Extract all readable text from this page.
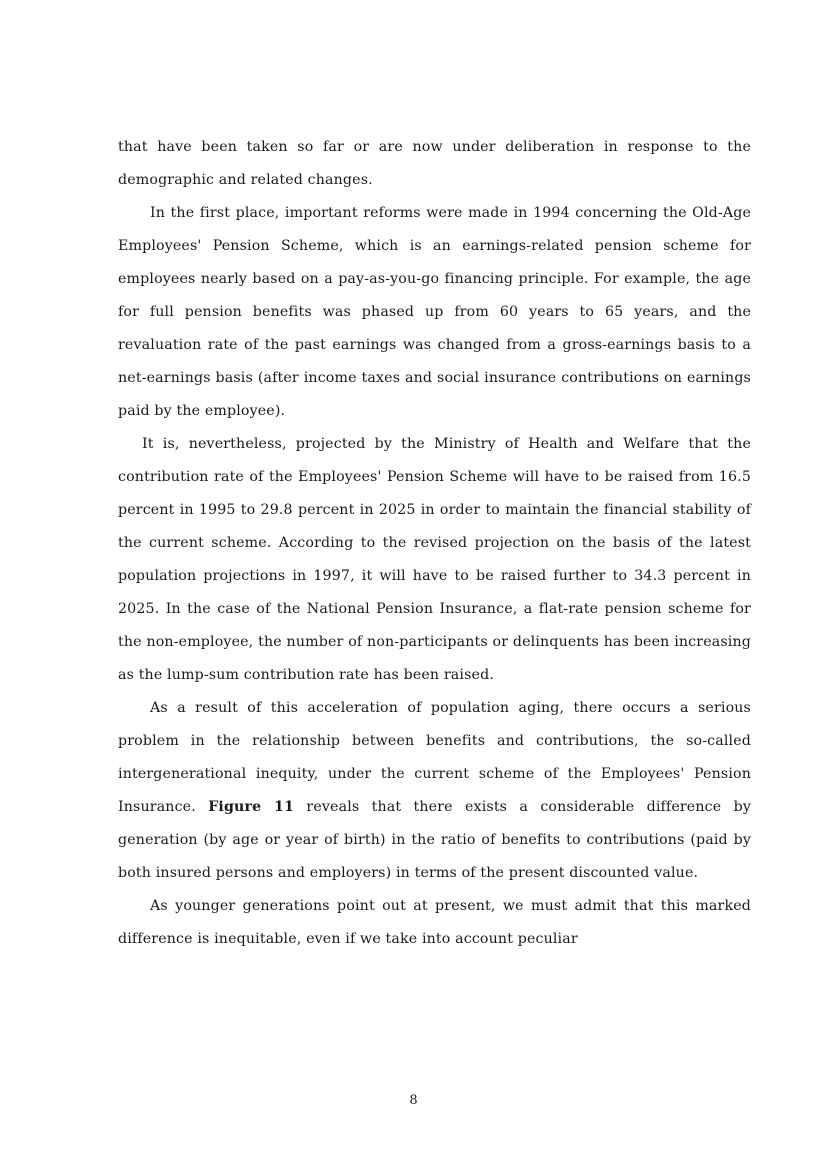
that have been taken so far or are now under deliberation in response to the demographic and related changes.

In the first place, important reforms were made in 1994 concerning the Old-Age Employees' Pension Scheme, which is an earnings-related pension scheme for employees nearly based on a pay-as-you-go financing principle. For example, the age for full pension benefits was phased up from 60 years to 65 years, and the revaluation rate of the past earnings was changed from a gross-earnings basis to a net-earnings basis (after income taxes and social insurance contributions on earnings paid by the employee).

It is, nevertheless, projected by the Ministry of Health and Welfare that the contribution rate of the Employees' Pension Scheme will have to be raised from 16.5 percent in 1995 to 29.8 percent in 2025 in order to maintain the financial stability of the current scheme. According to the revised projection on the basis of the latest population projections in 1997, it will have to be raised further to 34.3 percent in 2025. In the case of the National Pension Insurance, a flat-rate pension scheme for the non-employee, the number of non-participants or delinquents has been increasing as the lump-sum contribution rate has been raised.

As a result of this acceleration of population aging, there occurs a serious problem in the relationship between benefits and contributions, the so-called intergenerational inequity, under the current scheme of the Employees' Pension Insurance. Figure 11 reveals that there exists a considerable difference by generation (by age or year of birth) in the ratio of benefits to contributions (paid by both insured persons and employers) in terms of the present discounted value.

As younger generations point out at present, we must admit that this marked difference is inequitable, even if we take into account peculiar

8
